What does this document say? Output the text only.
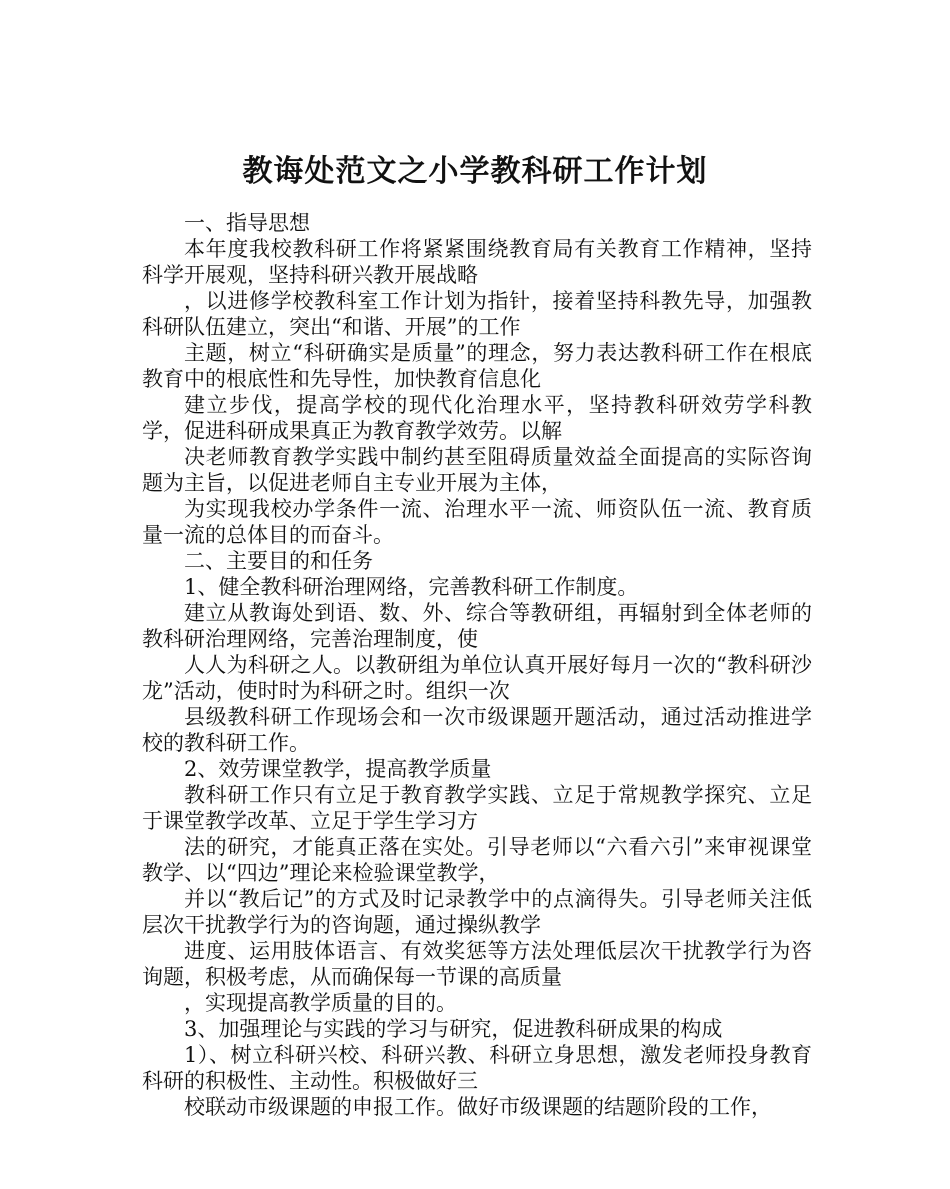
教诲处范文之小学教科研工作计划

一、指导思想

本年度我校教科研工作将紧紧围绕教育局有关教育工作精神，坚持科学开展观，坚持科研兴教开展战略

，以进修学校教科室工作计划为指针，接着坚持科教先导，加强教科研队伍建立，突出“和谐、开展”的工作

主题，树立“科研确实是质量”的理念，努力表达教科研工作在根底教育中的根底性和先导性，加快教育信息化

建立步伐，提高学校的现代化治理水平，坚持教科研效劳学科教学，促进科研成果真正为教育教学效劳。以解

决老师教育教学实践中制约甚至阻碍质量效益全面提高的实际咨询题为主旨，以促进老师自主专业开展为主体，

为实现我校办学条件一流、治理水平一流、师资队伍一流、教育质量一流的总体目的而奋斗。

二、主要目的和任务

1、健全教科研治理网络，完善教科研工作制度。

建立从教诲处到语、数、外、综合等教研组，再辐射到全体老师的教科研治理网络，完善治理制度，使

人人为科研之人。以教研组为单位认真开展好每月一次的“教科研沙龙”活动，使时时为科研之时。组织一次

县级教科研工作现场会和一次市级课题开题活动，通过活动推进学校的教科研工作。

2、效劳课堂教学，提高教学质量

教科研工作只有立足于教育教学实践、立足于常规教学探究、立足于课堂教学改革、立足于学生学习方

法的研究，才能真正落在实处。引导老师以“六看六引”来审视课堂教学、以“四边”理论来检验课堂教学，

并以“教后记”的方式及时记录教学中的点滴得失。引导老师关注低层次干扰教学行为的咨询题，通过操纵教学

进度、运用肢体语言、有效奖惩等方法处理低层次干扰教学行为咨询题，积极考虑，从而确保每一节课的高质量

，实现提高教学质量的目的。

3、加强理论与实践的学习与研究，促进教科研成果的构成

1）、树立科研兴校、科研兴教、科研立身思想，激发老师投身教育科研的积极性、主动性。积极做好三

校联动市级课题的申报工作。做好市级课题的结题阶段的工作，
